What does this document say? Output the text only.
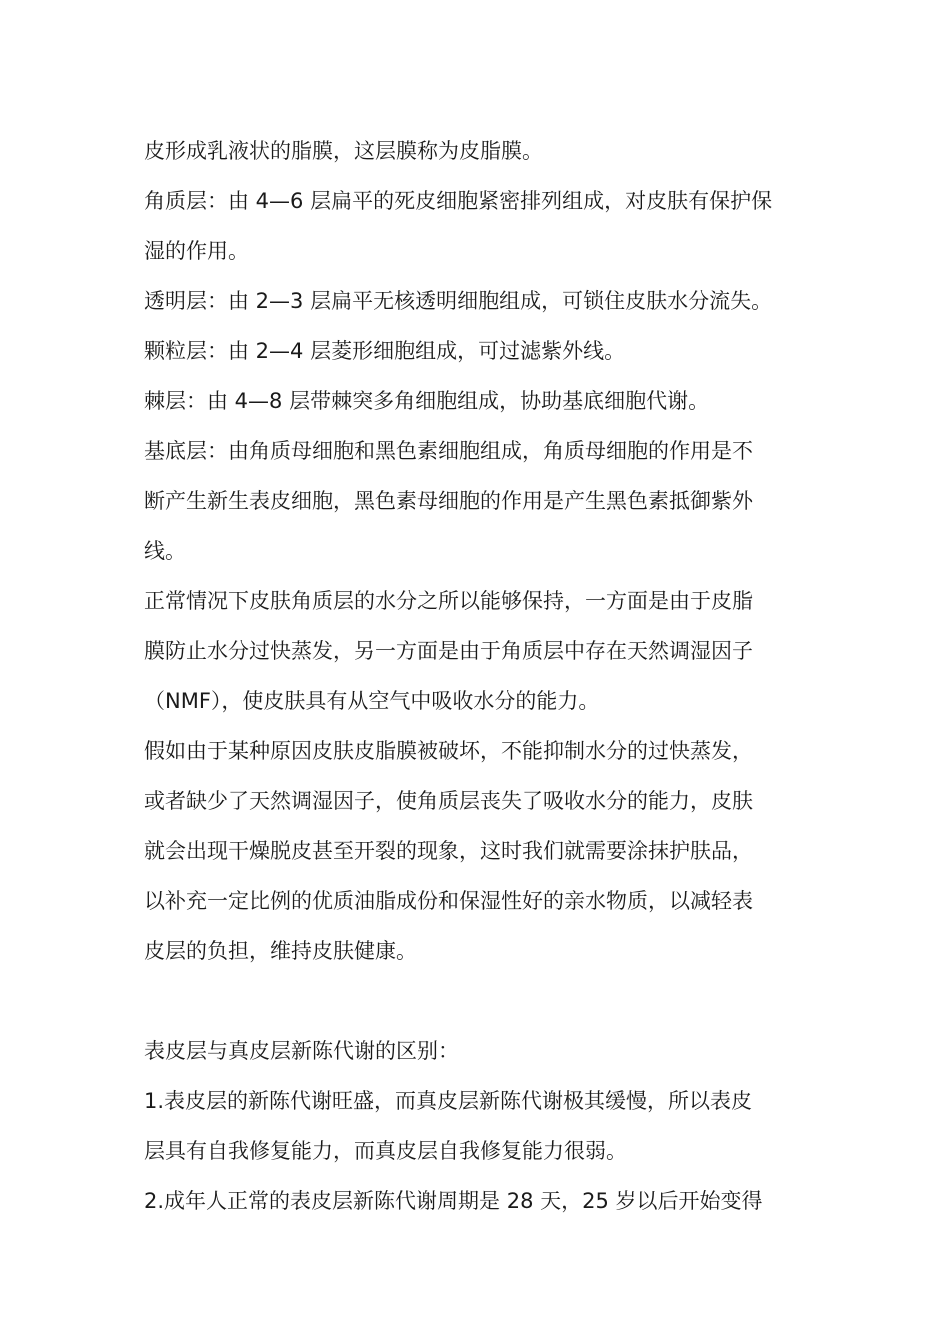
皮形成乳液状的脂膜，这层膜称为皮脂膜。
角质层：由 4—6 层扁平的死皮细胞紧密排列组成，对皮肤有保护保
湿的作用。
透明层：由 2—3 层扁平无核透明细胞组成，可锁住皮肤水分流失。
颗粒层：由 2—4 层菱形细胞组成，可过滤紫外线。
棘层：由 4—8 层带棘突多角细胞组成，协助基底细胞代谢。
基底层：由角质母细胞和黑色素细胞组成，角质母细胞的作用是不
断产生新生表皮细胞，黑色素母细胞的作用是产生黑色素抵御紫外
线。
正常情况下皮肤角质层的水分之所以能够保持，一方面是由于皮脂
膜防止水分过快蒸发，另一方面是由于角质层中存在天然调湿因子
（NMF），使皮肤具有从空气中吸收水分的能力。
假如由于某种原因皮肤皮脂膜被破坏，不能抑制水分的过快蒸发，
或者缺少了天然调湿因子，使角质层丧失了吸收水分的能力，皮肤
就会出现干燥脱皮甚至开裂的现象，这时我们就需要涂抹护肤品，
以补充一定比例的优质油脂成份和保湿性好的亲水物质，以减轻表
皮层的负担，维持皮肤健康。
表皮层与真皮层新陈代谢的区别：
1.表皮层的新陈代谢旺盛，而真皮层新陈代谢极其缓慢，所以表皮
层具有自我修复能力，而真皮层自我修复能力很弱。
2.成年人正常的表皮层新陈代谢周期是 28 天，25 岁以后开始变得
